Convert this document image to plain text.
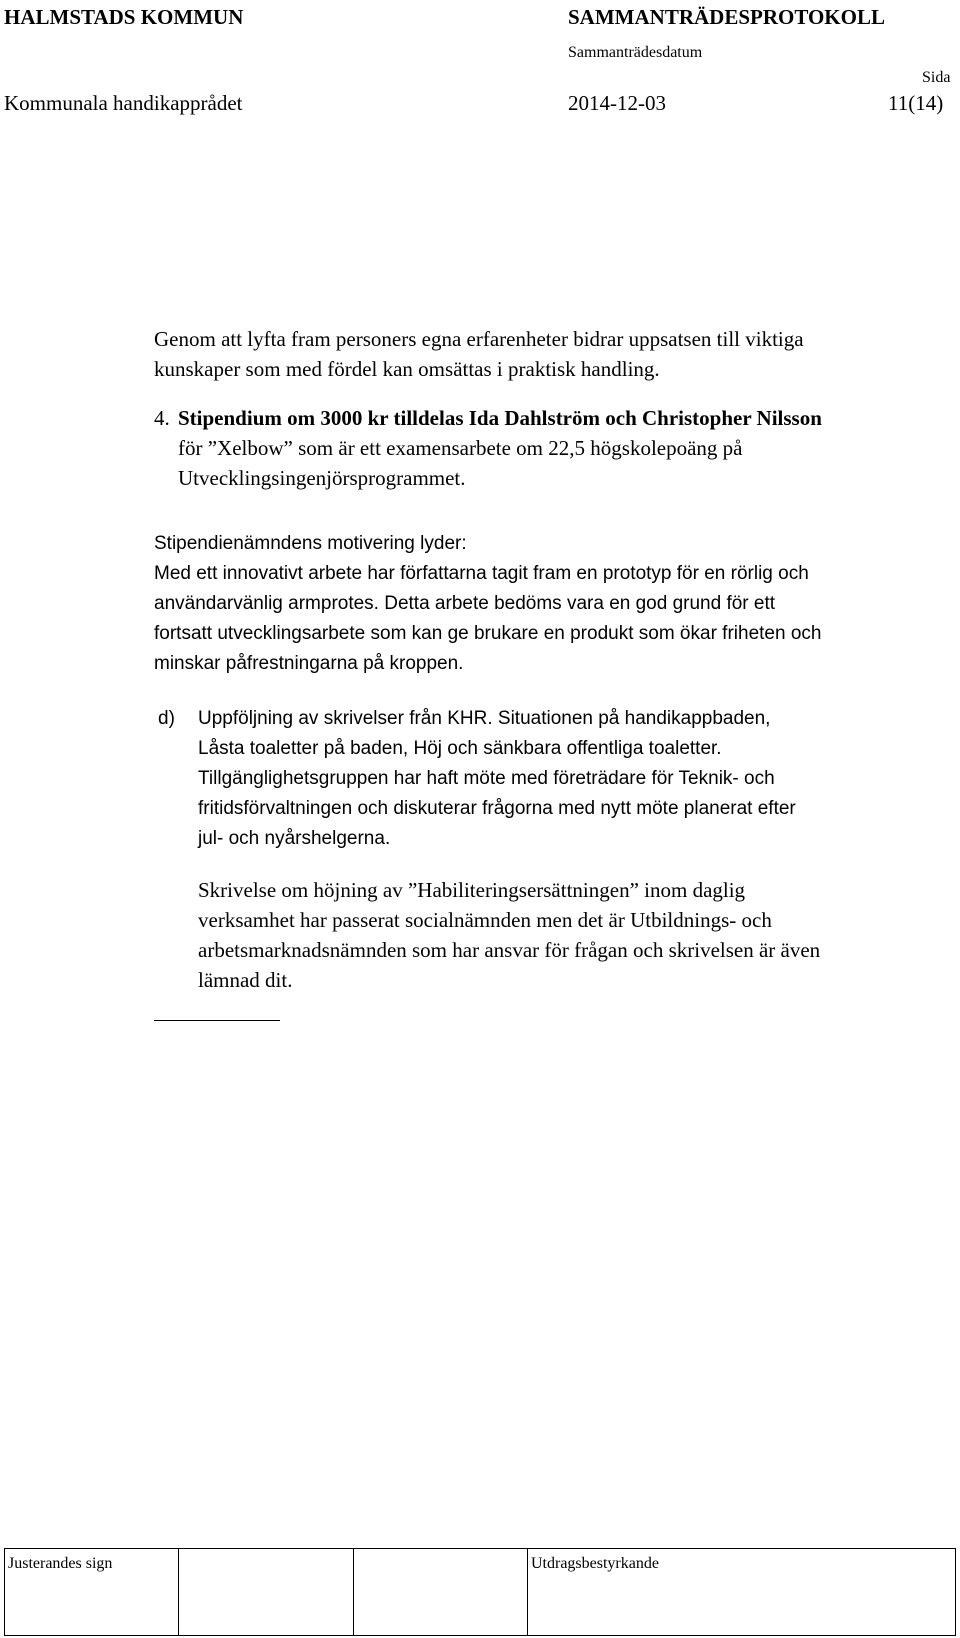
HALMSTADS KOMMUN	SAMMANTRÄDESPROTOKOLL
Sammanträdesdatum
Sida
Kommunala handikapprådet	2014-12-03	11(14)
Genom att lyfta fram personers egna erfarenheter bidrar uppsatsen till viktiga
kunskaper som med fördel kan omsättas i praktisk handling.
4. Stipendium om 3000 kr tilldelas Ida Dahlström och Christopher Nilsson
för ”Xelbow” som är ett examensarbete om 22,5 högskolepoäng på
Utvecklingsingenjörsprogrammet.
Stipendienämndens motivering lyder:
Med ett innovativt arbete har författarna tagit fram en prototyp för en rörlig och
användarvänlig armprotes. Detta arbete bedöms vara en god grund för ett
fortsatt utvecklingsarbete som kan ge brukare en produkt som ökar friheten och
minskar påfrestningarna på kroppen.
d) Uppföljning av skrivelser från KHR. Situationen på handikappbaden,
Låsta toaletter på baden, Höj och sänkbara offentliga toaletter.
Tillgänglighetsgruppen har haft möte med företrädare för Teknik- och
fritidsförvaltningen och diskuterar frågorna med nytt möte planerat efter
jul- och nyårshelgerna.
Skrivelse om höjning av ”Habiliteringsersättningen” inom daglig
verksamhet har passerat socialnämnden men det är Utbildnings- och
arbetsmarknadsnämnden som har ansvar för frågan och skrivelsen är även
lämnad dit.
Justerandes sign	Utdragsbestyrkande
